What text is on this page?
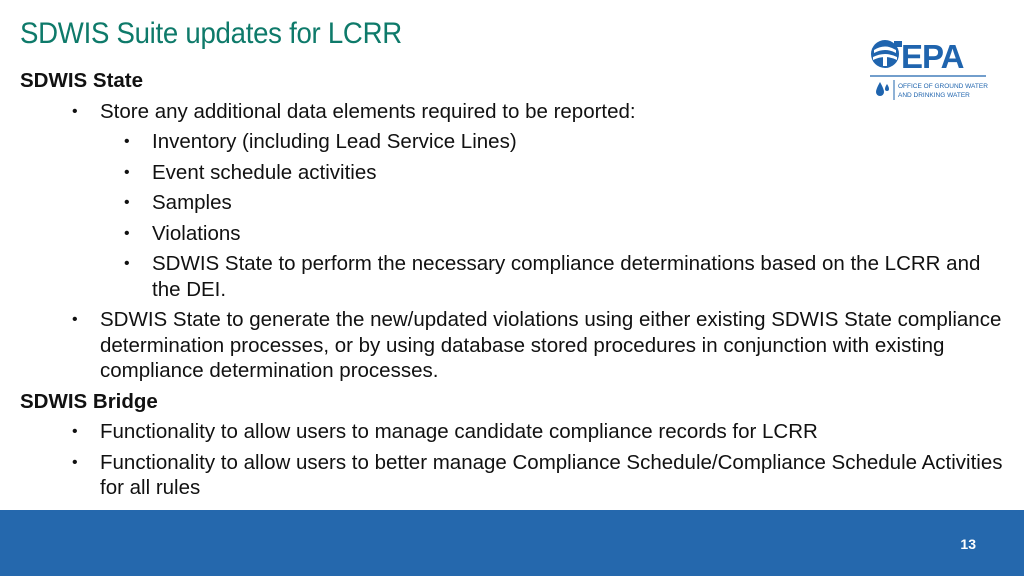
SDWIS Suite updates for LCRR
EPA
OFFICE OF GROUND WATER
AND DRINKING WATER
SDWIS State
• Store any additional data elements required to be reported:
• Inventory (including Lead Service Lines)
• Event schedule activities
• Samples
• Violations
• SDWIS State to perform the necessary compliance determinations based on the LCRR and the DEI.
• SDWIS State to generate the new/updated violations using either existing SDWIS State compliance determination processes, or by using database stored procedures in conjunction with existing compliance determination processes.
SDWIS Bridge
• Functionality to allow users to manage candidate compliance records for LCRR
• Functionality to allow users to better manage Compliance Schedule/Compliance Schedule Activities for all rules
13
